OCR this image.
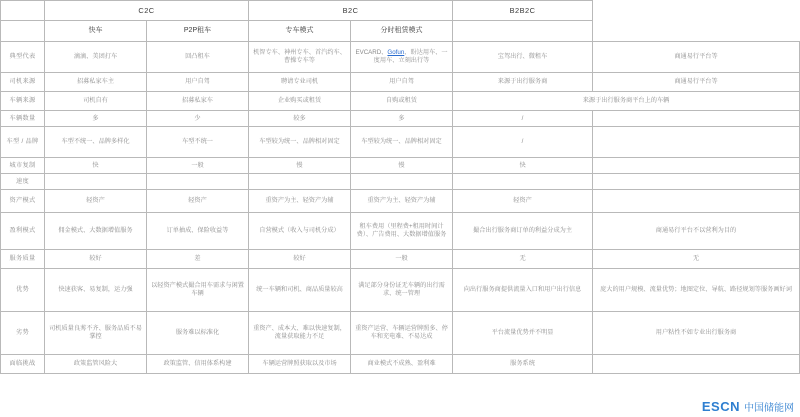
	C2C		B2C		B2B2C	
	快车	P2P租车	专车模式	分时租赁模式		
典型代表	滴滴、美团打车	回凸租车	机智专车、神州专车、首汽约车、曹操专车等	EVCARD、Gofun、盼达用车、一度用车、立刻出行等	宝驾出行、微租车	商通易行平台等
司机来源	招募私家车主	用户自驾	聘请专业司机	用户自驾	来源于出行服务商	商通易行平台等
车辆来源	司机自有	招募私家车	企业购买或租赁	自购或租赁	来源于出行服务商平台上的车辆	
车辆数量	多	少	较多	多	/	
车型 / 品牌	车型不统一、品牌多样化	车型不统一	车型较为统一、品牌相对固定	车型较为统一、品牌相对固定	/	
城市复制	快	一般	慢	慢	快	
速度						
资产模式	轻资产	轻资产	重资产为主、轻资产为辅	重资产为主、轻资产为辅	轻资产	
盈利模式	佣金模式、大数据增值服务	订单抽成、保险收益等	自营模式（收入与司机分成）	租车费用（里程费+租用时间计费）、广告费用、大数据增值服务	撮合出行服务商订单的利益分成为主	商通易行平台不以营利为目的
服务质量	较好	差	较好	一般	无	无
优势	快速获客、易复制，运力强	以轻资产模式撮合用车需求与闲置车辆	统一车辆和司机、商品质量较高	满足部分身份证无车辆的出行需求、统一管理	向出行服务商提供流量入口和用户出行信息	庞大的用户规模、流量优势；地图定位、导航、路径规划等服务画好词
劣势	司机质量良莠不齐、服务品质不易掌控	服务难以标准化	重资产、成本大、难以快速复制，流量获取能力不足	重资产运营、车辆运营牌照多、停车和充电难、不易达成	平台流量优势并不明显	用户粘性不如专业出行服务商
面临挑战	政策监管风险大	政策监管、信用体系构建	车辆运营牌照获取以及市场	商业模式不成熟、盈利难	服务系统	
ESCN 中国储能网
